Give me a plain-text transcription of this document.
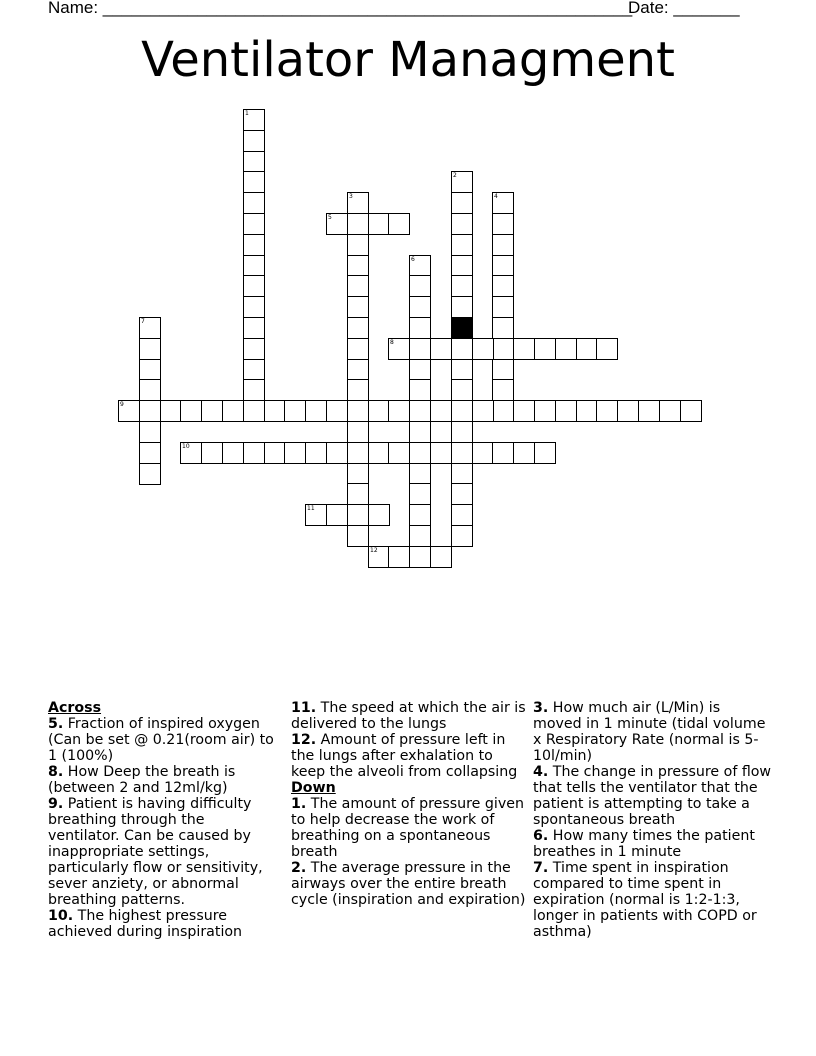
Name: ________________________________________________________
Date: _______
Ventilator Managment
1
2
3	4
5
6
7
8
9
10
11
12

Across

5. Fraction of inspired oxygen (Can be set @ 0.21(room air) to 1 (100%)

8. How Deep the breath is (between 2 and 12ml/kg)

9. Patient is having difficulty breathing through the ventilator. Can be caused by inappropriate settings, particularly flow or sensitivity, sever anziety, or abnormal breathing patterns.

10. The highest pressure achieved during inspiration

11. The speed at which the air is delivered to the lungs

12. Amount of pressure left in the lungs after exhalation to keep the alveoli from collapsing

Down

1. The amount of pressure given to help decrease the work of breathing on a spontaneous breath

2. The average pressure in the airways over the entire breath cycle (inspiration and expiration)

3. How much air (L/Min) is moved in 1 minute (tidal volume x Respiratory Rate (normal is 5-10l/min)

4. The change in pressure of flow that tells the ventilator that the patient is attempting to take a spontaneous breath

6. How many times the patient breathes in 1 minute

7. Time spent in inspiration compared to time spent in expiration (normal is 1:2-1:3, longer in patients with COPD or asthma)
